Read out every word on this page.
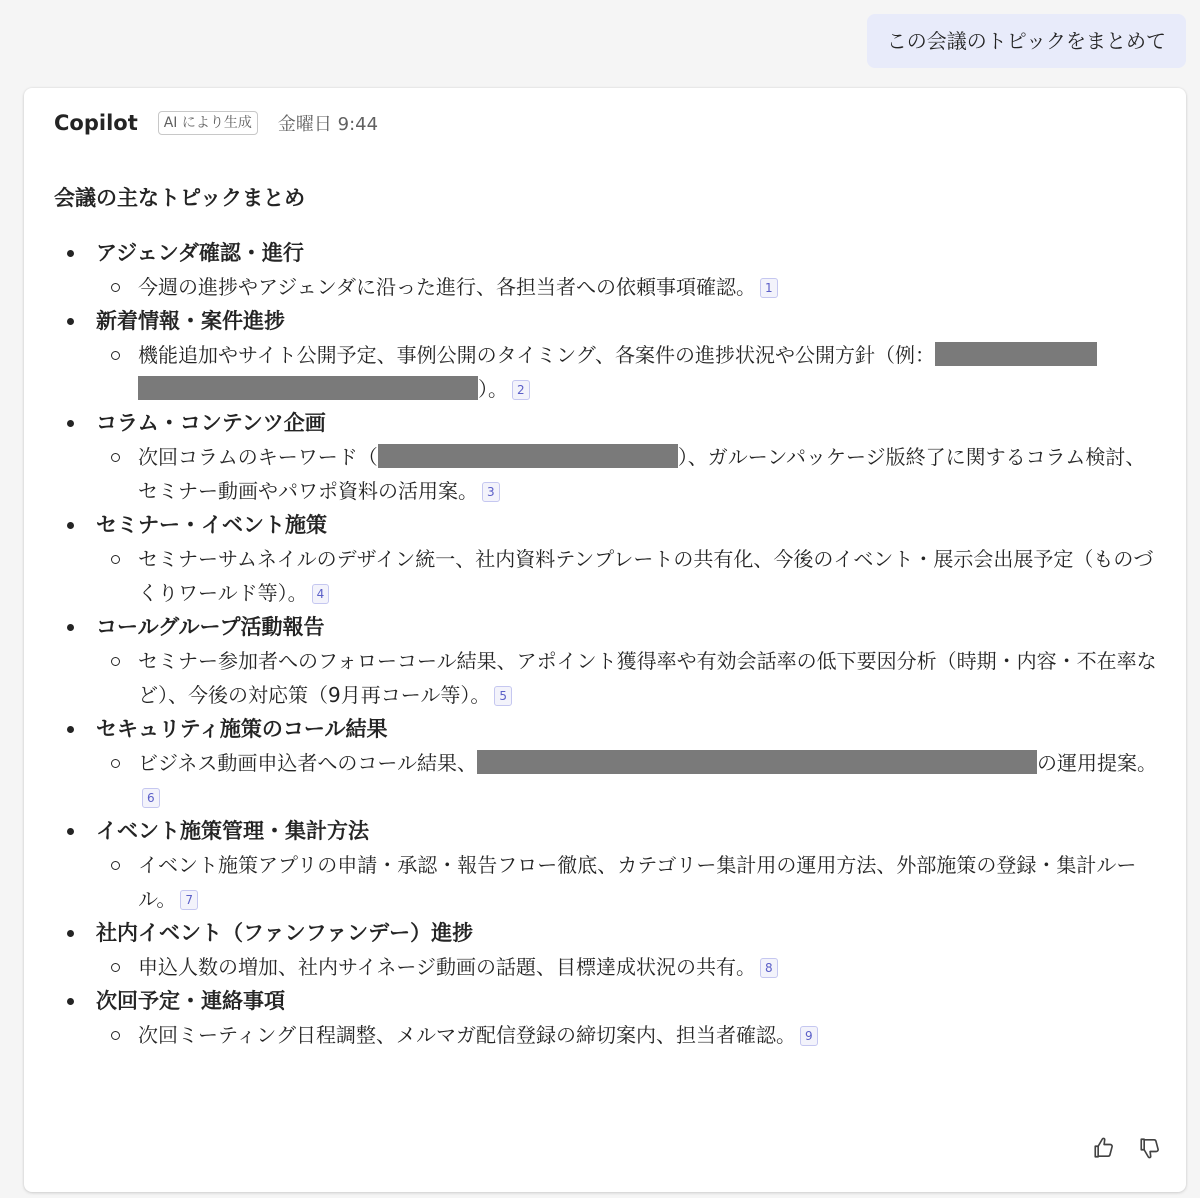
この会議のトピックをまとめて
Copilot	AI により生成	金曜日 9:44
会議の主なトピックまとめ
アジェンダ確認・進行
今週の進捗やアジェンダに沿った進行、各担当者への依頼事項確認。 1
新着情報・案件進捗
機能追加やサイト公開予定、事例公開のタイミング、各案件の進捗状況や公開方針（例：
）。 2
コラム・コンテンツ企画
次回コラムのキーワード（	）、ガルーンパッケージ版終了に関するコラム検討、セミナー動画やパワポ資料の活用案。 3
セミナー・イベント施策
セミナーサムネイルのデザイン統一、社内資料テンプレートの共有化、今後のイベント・展示会出展予定（ものづくりワールド等）。 4
コールグループ活動報告
セミナー参加者へのフォローコール結果、アポイント獲得率や有効会話率の低下要因分析（時期・内容・不在率など）、今後の対応策（9月再コール等）。 5
セキュリティ施策のコール結果
ビジネス動画申込者へのコール結果、	の運用提案。6
イベント施策管理・集計方法
イベント施策アプリの申請・承認・報告フロー徹底、カテゴリー集計用の運用方法、外部施策の登録・集計ルール。 7
社内イベント（ファンファンデー）進捗
申込人数の増加、社内サイネージ動画の話題、目標達成状況の共有。 8
次回予定・連絡事項
次回ミーティング日程調整、メルマガ配信登録の締切案内、担当者確認。 9
